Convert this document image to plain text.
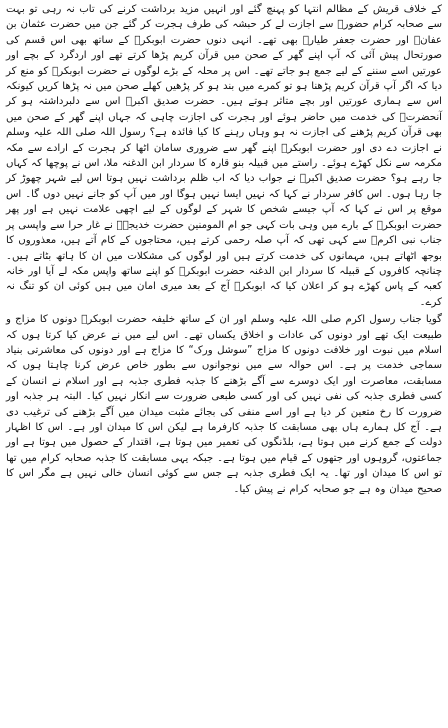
کے خلاف قریش کے مظالم انتہا کو پہنچ گئے اور انہیں مزید برداشت کرنے کی تاب نہ رہی تو بہت سے صحابہ کرام حضورؐ سے اجازت لے کر حبشہ کی طرف ہجرت کر گئے جن میں حضرت عثمان بن عفانؓ اور حضرت جعفر طیارؓ بھی تھے۔ انہی دنوں حضرت ابوبکرؓ کے ساتھ بھی اس قسم کی صورتحال پیش آئی کہ آپ اپنے گھر کے صحن میں قرآن کریم پڑھا کرتے تھے اور اردگرد کے بچے اور عورتیں اسے سننے کے لیے جمع ہو جاتے تھے۔ اس پر محلہ کے بڑے لوگوں نے حضرت ابوبکرؓ کو منع کر دیا کہ اگر آپ قرآن کریم پڑھنا ہو تو کمرے میں بند ہو کر پڑھیں کھلے صحن میں نہ پڑھا کریں کیونکہ اس سے ہماری عورتیں اور بچے متاثر ہوتے ہیں۔ حضرت صدیق اکبرؓ اس سے دلبرداشتہ ہو کر آنحضرتؐ کی خدمت میں حاضر ہوئے اور ہجرت کی اجازت چاہی کہ جہاں اپنے گھر کے صحن میں بھی قرآن کریم پڑھنے کی اجازت نہ ہو وہاں رہنے کا کیا فائدہ ہے؟ رسول اللہ صلی اللہ علیہ وسلم نے اجازت دے دی اور حضرت ابوبکرؓ اپنے گھر سے ضروری سامان اٹھا کر ہجرت کے ارادے سے مکہ مکرمہ سے نکل کھڑے ہوئے۔ راستے میں قبیلہ بنو قارہ کا سردار ابن الدغنہ ملا، اس نے پوچھا کہ کہاں جا رہے ہو؟ حضرت صدیق اکبرؓ نے جواب دیا کہ اب ظلم برداشت نہیں ہوتا اس لیے شہر چھوڑ کر جا رہا ہوں۔ اس کافر سردار نے کہا کہ نہیں ایسا نہیں ہوگا اور میں آپ کو جانے نہیں دوں گا۔ اس موقع پر اس نے کہا کہ آپ جیسے شخص کا شہر کے لوگوں کے لیے اچھی علامت نہیں ہے اور پھر حضرت ابوبکرؓ کے بارے میں وہی بات کہی جو ام المومنین حضرت خدیجہؓ نے غار حرا سے واپسی پر جناب نبی اکرمؐ سے کہی تھی کہ آپ صلہ رحمی کرتے ہیں، محتاجوں کے کام آتے ہیں، معذوروں کا بوجھ اٹھاتے ہیں، مہمانوں کی خدمت کرتے ہیں اور لوگوں کی مشکلات میں ان کا ہاتھ بٹاتے ہیں۔ چنانچہ کافروں کے قبیلہ کا سردار ابن الدغنہ حضرت ابوبکرؓ کو اپنے ساتھ واپس مکہ لے آیا اور خانہ کعبہ کے پاس کھڑے ہو کر اعلان کیا کہ ابوبکرؓ آج کے بعد میری امان میں ہیں کوئی ان کو تنگ نہ کرے۔

گویا جناب رسول اکرم صلی اللہ علیہ وسلم اور ان کے ساتھ خلیفہ حضرت ابوبکرؓ دونوں کا مزاج و طبیعت ایک تھے اور دونوں کی عادات و اخلاق یکساں تھے۔ اس لیے میں نے عرض کیا کرتا ہوں کہ اسلام میں نبوت اور خلافت دونوں کا مزاج ”سوشل ورک“ کا مزاج ہے اور دونوں کی معاشرتی بنیاد سماجی خدمت پر ہے۔ اس حوالہ سے میں نوجوانوں سے بطور خاص عرض کرنا چاہتا ہوں کہ مسابقت، معاصرت اور ایک دوسرے سے آگے بڑھنے کا جذبہ فطری جذبہ ہے اور اسلام نے انسان کے کسی فطری جذبہ کی نفی نہیں کی اور کسی طبعی ضرورت سے انکار نہیں کیا۔ البتہ ہر جذبہ اور ضرورت کا رخ متعین کر دیا ہے اور اسے منفی کی بجائے مثبت میدان میں آگے بڑھنے کی ترغیب دی ہے۔ آج کل ہمارے ہاں بھی مسابقت کا جذبہ کارفرما ہے لیکن اس کا میدان اور ہے۔ اس کا اظہار دولت کے جمع کرنے میں ہوتا ہے، بلڈنگوں کی تعمیر میں ہوتا ہے، اقتدار کے حصول میں ہوتا ہے اور جماعتوں، گروہوں اور جتھوں کے قیام میں ہوتا ہے۔ جبکہ یہی مسابقت کا جذبہ صحابہ کرام میں تھا تو اس کا میدان اور تھا۔ یہ ایک فطری جذبہ ہے جس سے کوئی انسان خالی نہیں ہے مگر اس کا صحیح میدان وہ ہے جو صحابہ کرام نے پیش کیا۔
